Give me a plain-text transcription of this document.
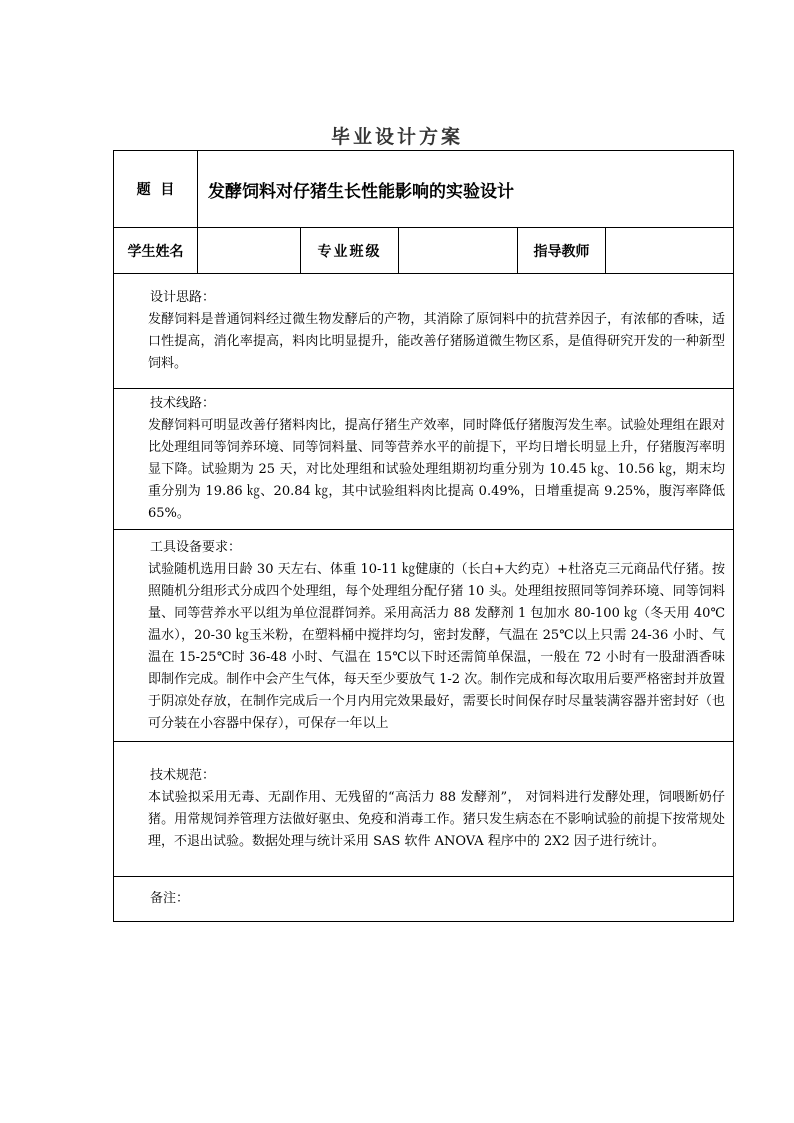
毕业设计方案
题  目	发酵饲料对仔猪生长性能影响的实验设计				
学生姓名		专业班级		指导教师	

设计思路：
发酵饲料是普通饲料经过微生物发酵后的产物，其消除了原饲料中的抗营养因子，有浓郁的香味，适口性提高，消化率提高，料肉比明显提升，能改善仔猪肠道微生物区系，是值得研究开发的一种新型饲料。					

技术线路：
发酵饲料可明显改善仔猪料肉比，提高仔猪生产效率，同时降低仔猪腹泻发生率。试验处理组在跟对比处理组同等饲养环境、同等饲料量、同等营养水平的前提下，平均日增长明显上升，仔猪腹泻率明显下降。试验期为 25 天，对比处理组和试验处理组期初均重分别为 10.45 ㎏、10.56 ㎏，期末均重分别为 19.86 ㎏、20.84 ㎏，其中试验组料肉比提高 0.49%，日增重提高 9.25%，腹泻率降低 65%。					

工具设备要求：
试验随机选用日龄 30 天左右、体重 10-11 ㎏健康的（长白+大约克）+杜洛克三元商品代仔猪。按照随机分组形式分成四个处理组，每个处理组分配仔猪 10 头。处理组按照同等饲养环境、同等饲料量、同等营养水平以组为单位混群饲养。采用高活力 88 发酵剂 1 包加水 80-100 ㎏（冬天用 40℃温水），20-30 ㎏玉米粉，在塑料桶中搅拌均匀，密封发酵，气温在 25℃以上只需 24-36 小时、气温在 15-25℃时 36-48 小时、气温在 15℃以下时还需简单保温，一般在 72 小时有一股甜酒香味即制作完成。制作中会产生气体，每天至少要放气 1-2 次。制作完成和每次取用后要严格密封并放置于阴凉处存放，在制作完成后一个月内用完效果最好，需要长时间保存时尽量装满容器并密封好（也可分装在小容器中保存），可保存一年以上					

技术规范：
本试验拟采用无毒、无副作用、无残留的“高活力 88 发酵剂”， 对饲料进行发酵处理，饲喂断奶仔猪。用常规饲养管理方法做好驱虫、免疫和消毒工作。猪只发生病态在不影响试验的前提下按常规处理，不退出试验。数据处理与统计采用 SAS 软件 ANOVA 程序中的 2X2 因子进行统计。					

备注：					
